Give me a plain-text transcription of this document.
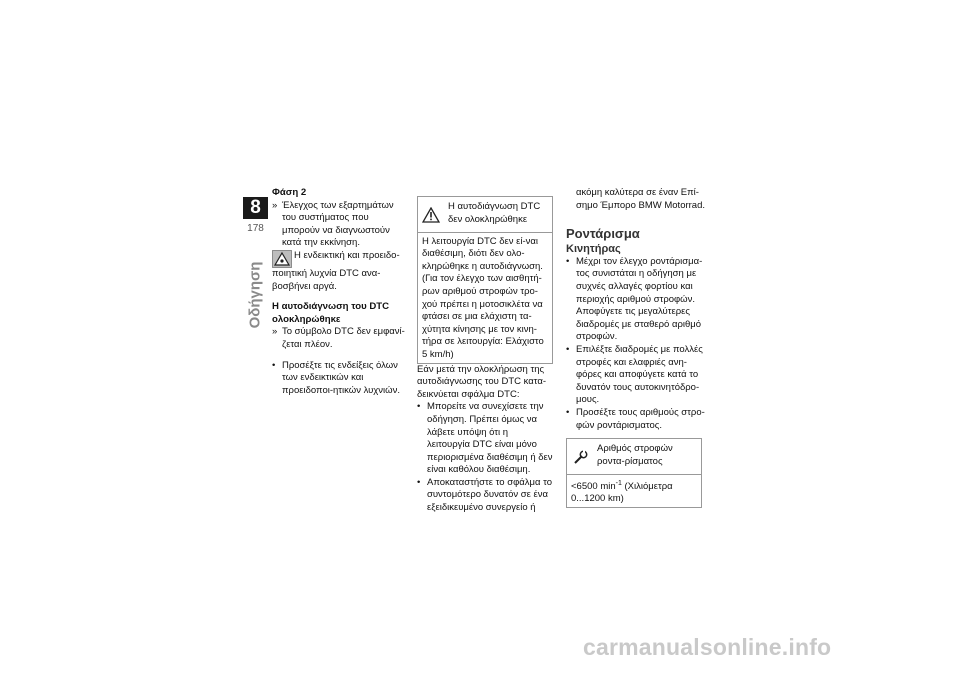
8
178
Οδήγηση
Φάση 2
» Έλεγχος των εξαρτημάτων του συστήματος που μπορούν να διαγνωστούν κατά την εκκίνηση.
Η ενδεικτική και προειδο-ποιητική λυχνία DTC ανα-
βοσβήνει αργά.
Η αυτοδιάγνωση του DTC ολοκληρώθηκε
» Το σύμβολο DTC δεν εμφανί-ζεται πλέον.
• Προσέξτε τις ενδείξεις όλων των ενδεικτικών και προειδοποι-ητικών λυχνιών.
Η αυτοδιάγνωση DTC δεν ολοκληρώθηκε
Η λειτουργία DTC δεν εί-ναι διαθέσιμη, διότι δεν ολο-κληρώθηκε η αυτοδιάγνωση. (Για τον έλεγχο των αισθητή-ρων αριθμού στροφών τρο-χού πρέπει η μοτοσικλέτα να φτάσει σε μια ελάχιστη τα-χύτητα κίνησης με τον κινη-τήρα σε λειτουργία: Ελάχιστο 5 km/h)

Εάν μετά την ολοκλήρωση της αυτοδιάγνωσης του DTC κατα-δεικνύεται σφάλμα DTC:

• Μπορείτε να συνεχίσετε την οδήγηση. Πρέπει όμως να λάβετε υπόψη ότι η λειτουργία DTC είναι μόνο περιορισμένα διαθέσιμη ή δεν είναι καθόλου διαθέσιμη.
• Αποκαταστήστε το σφάλμα το συντομότερο δυνατόν σε ένα εξειδικευμένο συνεργείο ή
ακόμη καλύτερα σε έναν Επί-σημο Έμπορο BMW Motorrad.
Ροντάρισμα
Κινητήρας
• Μέχρι τον έλεγχο ροντάρισμα-τος συνιστάται η οδήγηση με συχνές αλλαγές φορτίου και περιοχής αριθμού στροφών. Αποφύγετε τις μεγαλύτερες διαδρομές με σταθερό αριθμό στροφών.
• Επιλέξτε διαδρομές με πολλές στροφές και ελαφριές ανη-φόρες και αποφύγετε κατά το δυνατόν τους αυτοκινητόδρο-μους.
• Προσέξτε τους αριθμούς στρο-φών ροντάρισματος.
Αριθμός στροφών ροντα-ρίσματος
<6500 $\min^{-1} (X\iota\lambda\iota ό\mu\varepsilon\tau\rho\alpha$ 0...1200 km)
carmanualsonline.info
